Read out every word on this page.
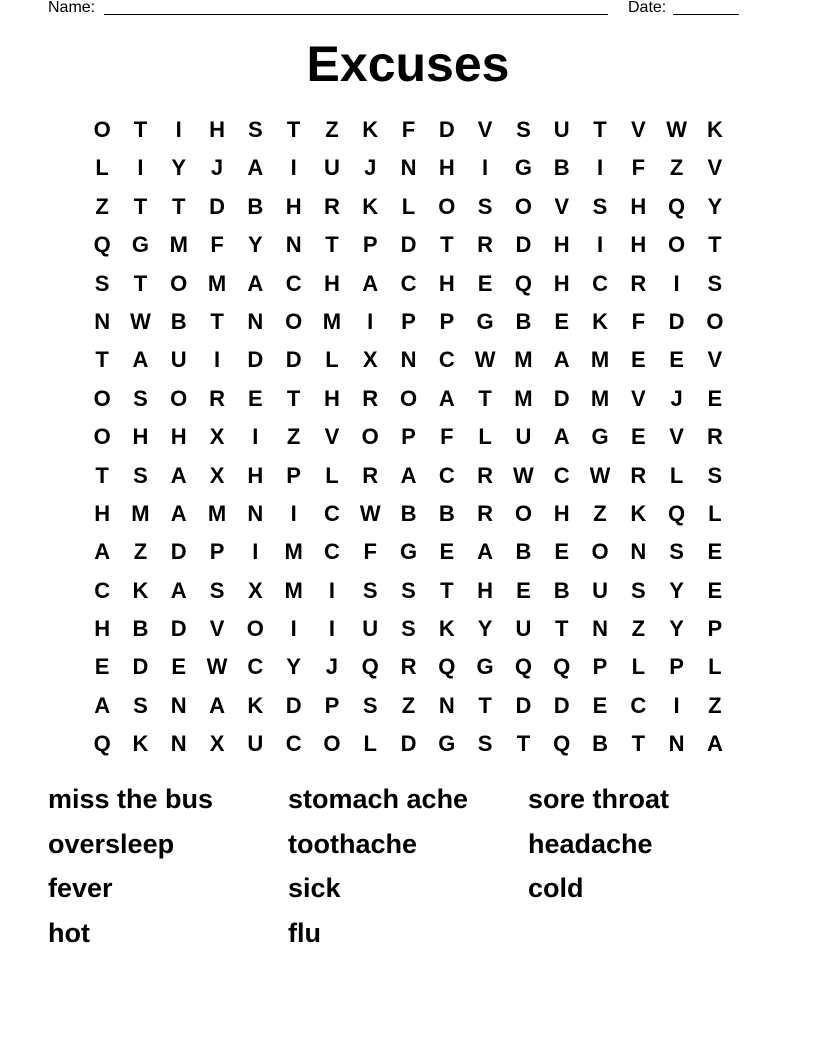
Name:	Date:
Excuses
O	T	I	H	S	T	Z	K	F	D	V	S	U	T	V W K
L	I	Y	J	A	I	U	J	N	H	I	G B	I	F	Z	V
Z	T	T	D	B	H	R	K	L	O	S	O	V	S	H Q	Y
Q G M	F	Y	N	T	P	D	T	R	D	H	I	H O	T
S	T	O M A	C	H	A	C	H	E	Q H	C	R	I	S
N W B	T	N O M	I	P	P	G B	E	K	F	D O
T	A	U	I	D	D	L	X	N	C W M A M E	E	V
O	S	O R	E	T	H	R O A	T	M D M V	J	E
O H	H	X	I	Z	V	O	P	F	L	U	A G	E	V	R
T	S	A	X	H	P	L	R	A	C	R W C W R	L	S
H M A M N	I	C W B	B	R O H	Z	K Q	L
A	Z	D	P	I	M C	F	G	E	A	B	E	O N	S	E
C	K	A	S	X M	I	S	S	T	H	E	B	U	S	Y	E
H	B	D	V	O	I	I	U	S	K	Y	U	T	N	Z	Y	P
E	D	E W C	Y	J	Q R Q G Q Q	P	L	P	L
A	S	N	A	K	D	P	S	Z	N	T	D	D	E	C	I	Z
Q K	N	X	U	C O	L	D G	S	T	Q B	T	N	A
miss the bus	stomach ache	sore throat
oversleep	toothache	headache
fever	sick	cold
hot	flu
